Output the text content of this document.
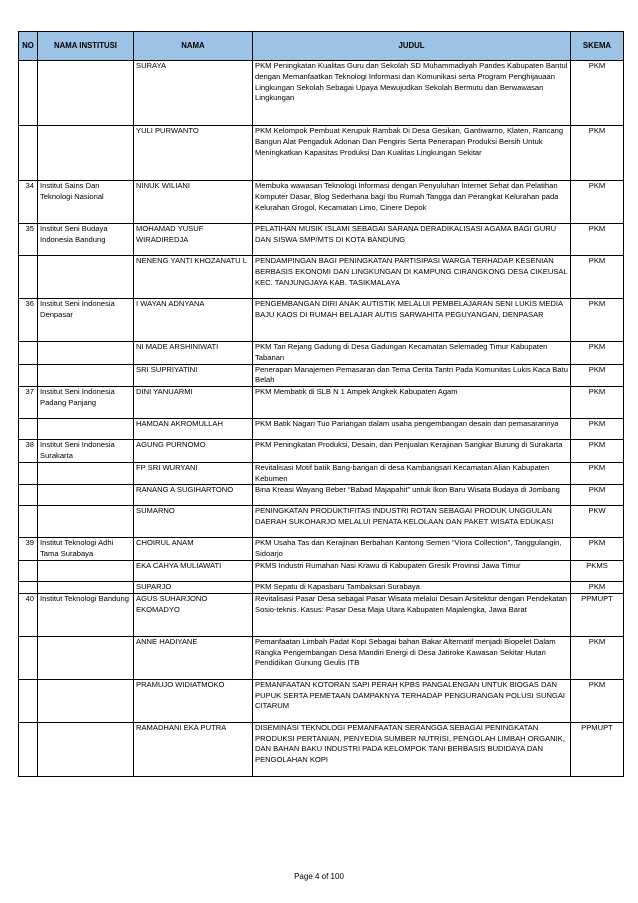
NO	NAMA INSTITUSI	NAMA	JUDUL	SKEMA
		SURAYA	PKM Peningkatan Kualitas Guru dan Sekolah SD Muhammadiyah Pandes Kabupaten Bantul dengan Memanfaatkan Teknologi Informasi dan Komunikasi serta Program Penghijauaan Lingkungan Sekolah Sebagai Upaya Mewujudkan Sekolah Bermutu dan Berwawasan Lingkungan	PKM
		YULI PURWANTO	PKM Kelompok Pembuat Kerupuk Rambak Di Desa Gesikan, Gantiwarno, Klaten, Rancang Bangun Alat Pengaduk Adonan Dan Pengiris Serta Penerapan Produksi Bersih Untuk Meningkatkan Kapasitas Produksi Dan Kualitas Lingkungan Sekitar	PKM
34	Institut Sains Dan Teknologi Nasional	NINUK WILIANI	Membuka wawasan Teknologi Informasi dengan Penyuluhan Internet Sehat dan Pelatihan Komputer Dasar, Blog Sederhana bagi Ibu Rumah Tangga dan Perangkat Kelurahan pada Kelurahan Grogol, Kecamatan Limo, Cinere Depok	PKM
35	Institut Seni Budaya Indonesia Bandung	MOHAMAD YUSUF WIRADIREDJA	PELATIHAN MUSIK ISLAMI SEBAGAI SARANA DERADIKALISASI AGAMA BAGI GURU DAN SISWA SMP/MTS DI KOTA BANDUNG	PKM
		NENENG YANTI KHOZANATU L	PENDAMPINGAN BAGI PENINGKATAN PARTISIPASI WARGA TERHADAP KESENIAN BERBASIS EKONOMI DAN LINGKUNGAN DI KAMPUNG CIRANGKONG DESA CIKEUSAL KEC. TANJUNGJAYA KAB. TASIKMALAYA	PKM
36	Institut Seni Indonesia Denpasar	I WAYAN ADNYANA	PENGEMBANGAN DIRI ANAK AUTISTIK MELALUI PEMBELAJARAN SENI LUKIS MEDIA BAJU KAOS DI RUMAH BELAJAR AUTIS SARWAHITA PEGUYANGAN, DENPASAR	PKM
		NI MADE ARSHINIWATI	PKM Tari Rejang Gadung di Desa Gadungan Kecamatan Selemadeg Timur Kabupaten Tabanan	PKM
		SRI SUPRIYATINI	Penerapan Manajemen Pemasaran dan Tema Cerita Tantri Pada Komunitas Lukis Kaca Batu Belah	PKM
37	Institut Seni Indonesia Padang Panjang	DINI YANUARMI	PKM Membatik di SLB N 1 Ampek Angkek Kabupaten Agam	PKM
		HAMDAN AKROMULLAH	PKM Batik Nagari Tuo Pariangan dalam usaha pengembangan desain dan pemasarannya	PKM
38	Institut Seni Indonesia Surakarta	AGUNG PURNOMO	PKM Peningkatan Produksi, Desain, dan Penjualan Kerajinan Sangkar Burung di Surakarta	PKM
		FP SRI WURYANI	Revitalisasi Motif batik Bang-bangan di desa Kambangsari Kecamatan Alian Kabupaten Kebumen	PKM
		RANANG A SUGIHARTONO	Bina Kreasi Wayang Beber “Babad Majapahit” untuk Ikon Baru Wisata Budaya di Jombang	PKM
		SUMARNO	PENINGKATAN PRODUKTIFITAS INDUSTRI ROTAN SEBAGAI PRODUK UNGGULAN DAERAH SUKOHARJO MELALUI PENATA KELOLAAN DAN PAKET WISATA EDUKASI	PKW
39	Institut Teknologi Adhi Tama Surabaya	CHOIRUL ANAM	PKM Usaha Tas dan Kerajinan Berbahan Kantong Semen “Viora Collection”, Tanggulangin, Sidoarjo	PKM
		EKA CAHYA MULIAWATI	PKMS Industri Rumahan Nasi Krawu di Kabupaten Gresik Provinsi Jawa Timur	PKMS
		SUPARJO	PKM Sepatu di Kapasbaru Tambaksari Surabaya	PKM
40	Institut Teknologi Bandung	AGUS SUHARJONO EKOMADYO	Revitalisasi Pasar Desa sebagai Pasar Wisata melalui Desain Arsitektur dengan Pendekatan Sosio-teknis. Kasus: Pasar Desa Maja Utara Kabupaten Majalengka, Jawa Barat	PPMUPT
		ANNE HADIYANE	Pemanfaatan Limbah Padat Kopi Sebagai bahan Bakar Alternatif menjadi Biopelet Dalam Rangka Pengembangan Desa Mandiri Energi di Desa Jatiroke Kawasan Sekitar Hutan Pendidikan Gunung Geulis ITB	PKM
		PRAMUJO WIDIATMOKO	PEMANFAATAN KOTORAN SAPI PERAH KPBS PANGALENGAN UNTUK BIOGAS DAN PUPUK SERTA PEMETAAN DAMPAKNYA TERHADAP PENGURANGAN POLUSI SUNGAI CITARUM	PKM
		RAMADHANI EKA PUTRA	DISEMINASI TEKNOLOGI PEMANFAATAN SERANGGA SEBAGAI PENINGKATAN PRODUKSI PERTANIAN, PENYEDIA SUMBER NUTRISI, PENGOLAH LIMBAH ORGANIK, DAN BAHAN BAKU INDUSTRI PADA KELOMPOK TANI BERBASIS BUDIDAYA DAN PENGOLAHAN KOPI	PPMUPT
Page 4 of 100
